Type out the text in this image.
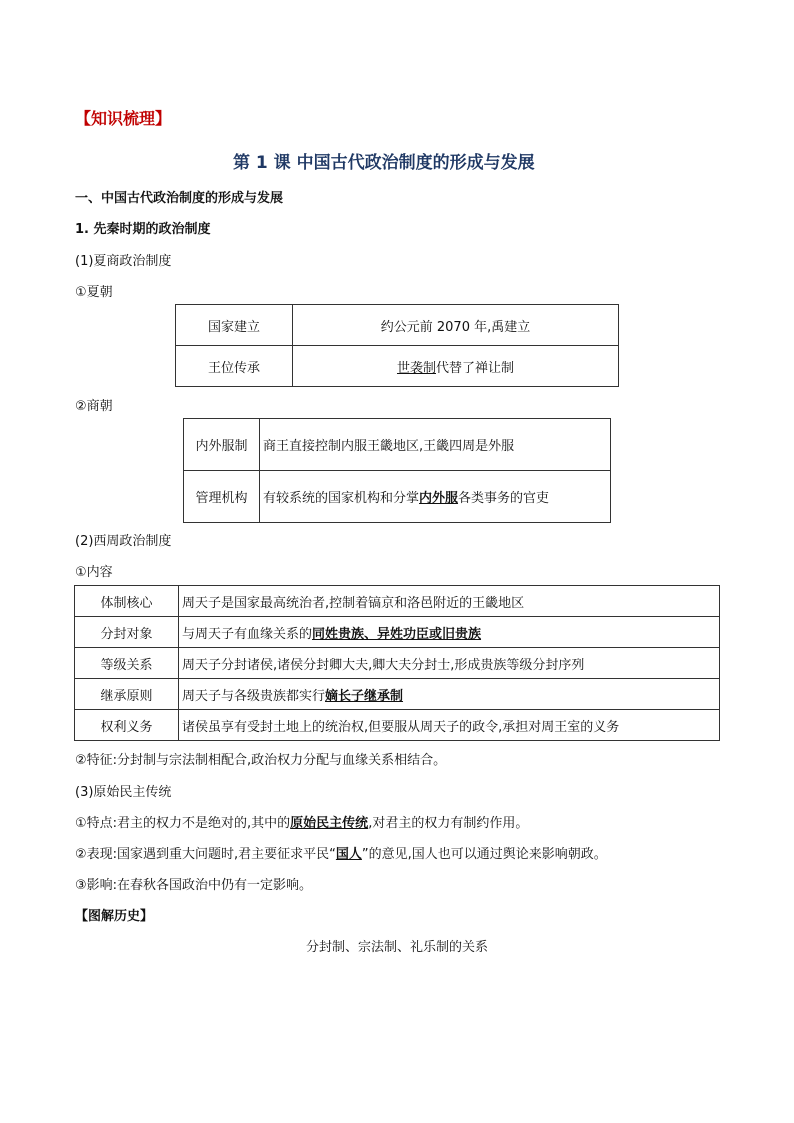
【知识梳理】
第 1 课 中国古代政治制度的形成与发展
一、中国古代政治制度的形成与发展
1. 先秦时期的政治制度
(1)夏商政治制度
①夏朝
国家建立	约公元前 2070 年,禹建立
王位传承	世袭制代替了禅让制
②商朝
内外服制	商王直接控制内服王畿地区,王畿四周是外服
管理机构	有较系统的国家机构和分掌内外服各类事务的官吏
(2)西周政治制度
①内容
体制核心	周天子是国家最高统治者,控制着镐京和洛邑附近的王畿地区
分封对象	与周天子有血缘关系的同姓贵族、异姓功臣或旧贵族
等级关系	周天子分封诸侯,诸侯分封卿大夫,卿大夫分封士,形成贵族等级分封序列
继承原则	周天子与各级贵族都实行嫡长子继承制
权利义务	诸侯虽享有受封土地上的统治权,但要服从周天子的政令,承担对周王室的义务
②特征:分封制与宗法制相配合,政治权力分配与血缘关系相结合。
(3)原始民主传统
①特点:君主的权力不是绝对的,其中的原始民主传统,对君主的权力有制约作用。
②表现:国家遇到重大问题时,君主要征求平民“国人”的意见,国人也可以通过舆论来影响朝政。
③影响:在春秋各国政治中仍有一定影响。
【图解历史】
分封制、宗法制、礼乐制的关系
